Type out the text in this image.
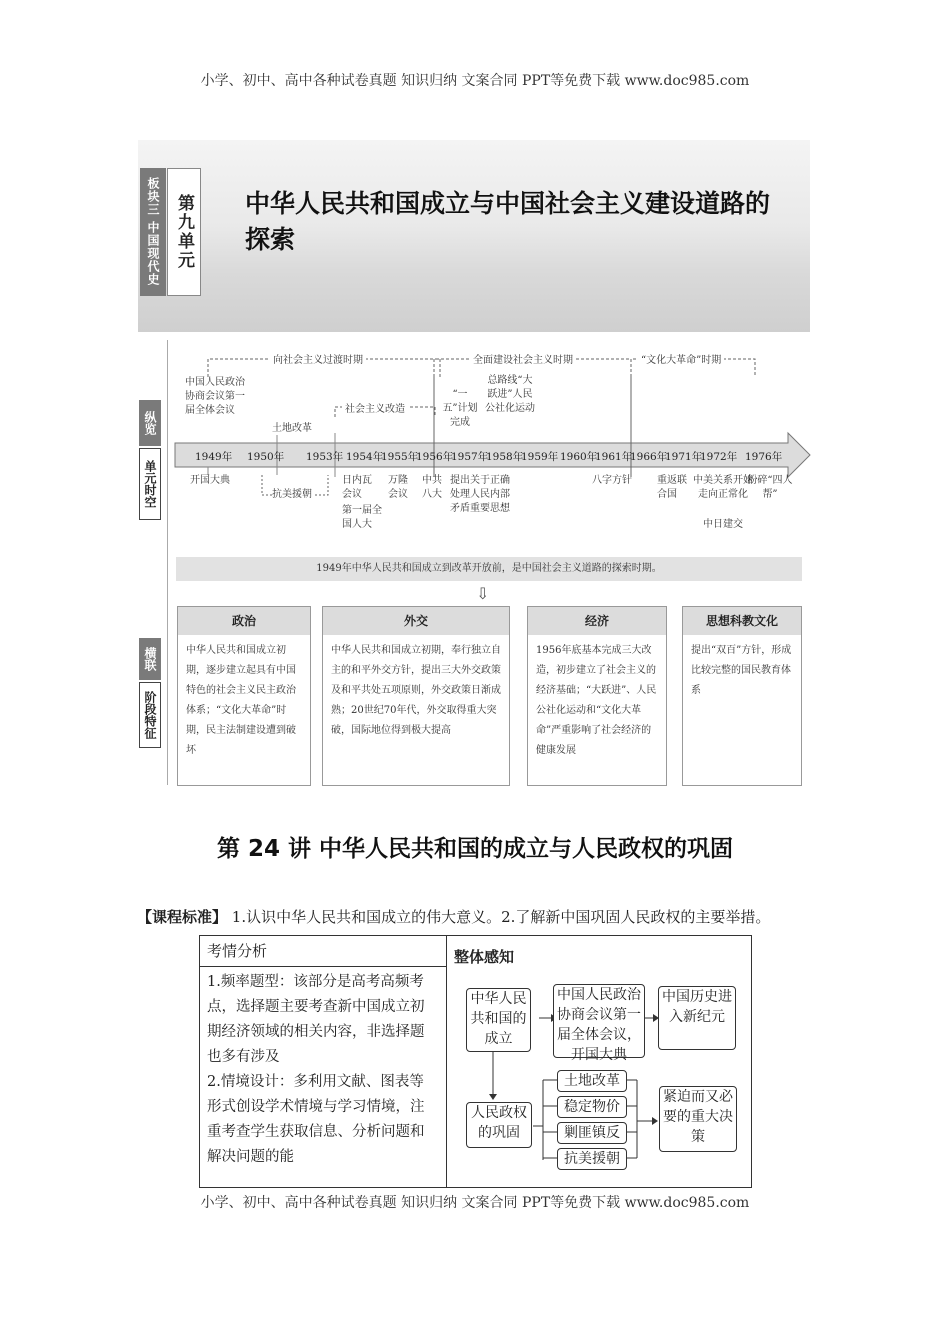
小学、初中、高中各种试卷真题 知识归纳 文案合同 PPT等免费下载 www.doc985.com
板块三 中国现代史 第九单元 中华人民共和国成立与中国社会主义建设道路的探索
纵览
单元时空
向社会主义过渡时期
社会主义改造
全面建设社会主义时期	“文化大革命”时期
中国人民政治协商会议第一届全体会议
土地改革
“一五”计划完成
总路线“大跃进”人民公社化运动
1949年 1950年 1953年 1954年
1955年
1956年
1957年
1958年
1959年 1960年
1961年
1966年
1971年
1972年 1976年
开国大典
抗美援朝
日内瓦会议
第一届全国人大
万隆会议
中共八大
提出关于正确处理人民内部矛盾重要思想
八字方针	重返联合国
中美关系开始走向正常化
中日建交
粉碎“四人帮”
1949年中华人民共和国成立到改革开放前，是中国社会主义道路的探索时期。
⇩
横联
阶段特征
政治
中华人民共和国成立初期，逐步建立起具有中国特色的社会主义民主政治体系；“文化大革命”时期，民主法制建设遭到破坏
外交
中华人民共和国成立初期，奉行独立自主的和平外交方针，提出三大外交政策及和平共处五项原则，外交政策日渐成熟；20世纪70年代，外交取得重大突破，国际地位得到极大提高
经济
1956年底基本完成三大改造，初步建立了社会主义的经济基础；“大跃进”、人民公社化运动和“文化大革命”严重影响了社会经济的健康发展
思想科教文化
提出“双百”方针，形成比较完整的国民教育体系
第 24 讲 中华人民共和国的成立与人民政权的巩固
【课程标准】 1.认识中华人民共和国成立的伟大意义。2.了解新中国巩固人民政权的主要举措。
考情分析
1.频率题型：该部分是高考高频考点，选择题主要考查新中国成立初期经济领域的相关内容，非选择题也多有涉及
2.情境设计：多利用文献、图表等形式创设学术情境与学习情境，注重考查学生获取信息、分析问题和解决问题的能
整体感知
中华人民共和国的成立
中国人民政治协商会议第一届全体会议，开国大典
中国历史进入新纪元
人民政权的巩固
土地改革
稳定物价
剿匪镇反
抗美援朝
紧迫而又必要的重大决策
小学、初中、高中各种试卷真题 知识归纳 文案合同 PPT等免费下载 www.doc985.com
